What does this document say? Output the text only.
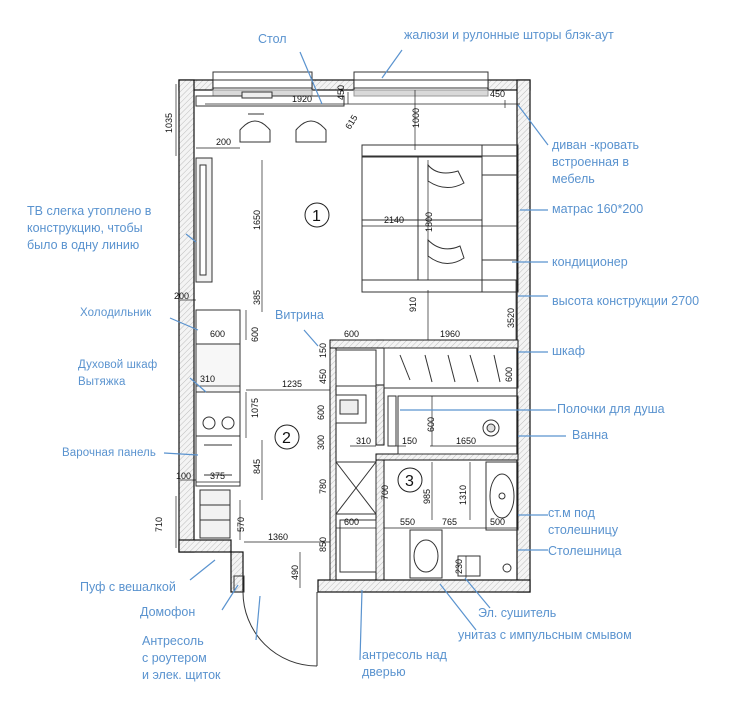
1920	450
1035
450
1000
615
200
1650	2140 1800
385
200
910
3520
600	1960
600	600
150
450
310	1235
1075	600
300
600
310	150	1650
600
845
780	700	985	1310
100 375
600	550	765	500
570
710
1360	850
490	230
1
2
3
Стол	жалюзи и рулонные шторы блэк-аут
диван -кровать
встроенная в
мебель
матрас 160*200
ТВ слегка утоплено в
конструкцию, чтобы
было в одну линию
кондиционер
высота конструкции 2700
Холодильник	Витрина
шкаф
Духовой шкаф
Вытяжка
Полочки для душа
Ванна
Варочная панель
ст.м под
столешницу
Столешница
Пуф с вешалкой
Домофон	Эл. сушитель
Антресоль
с роутером
и элек. щиток
унитаз с импульсным смывом
антресоль над
дверью
